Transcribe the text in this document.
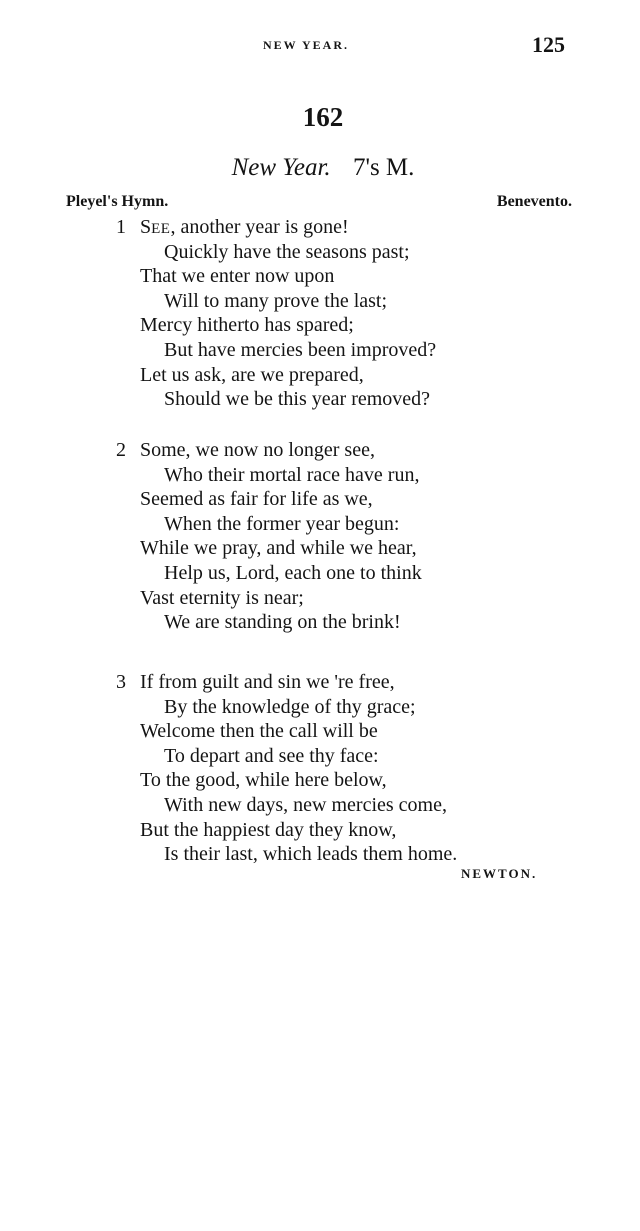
NEW YEAR.	125
162
New Year. 7's M.
Pleyel's Hymn.	Benevento.
1 SEE, another year is gone!
Quickly have the seasons past;
That we enter now upon
Will to many prove the last;
Mercy hitherto has spared;
But have mercies been improved?
Let us ask, are we prepared,
Should we be this year removed?
2 Some, we now no longer see,
Who their mortal race have run,
Seemed as fair for life as we,
When the former year begun:
While we pray, and while we hear,
Help us, Lord, each one to think
Vast eternity is near;
We are standing on the brink!
3 If from guilt and sin we 're free,
By the knowledge of thy grace;
Welcome then the call will be
To depart and see thy face:
To the good, while here below,
With new days, new mercies come,
But the happiest day they know,
Is their last, which leads them home.
NEWTON.
